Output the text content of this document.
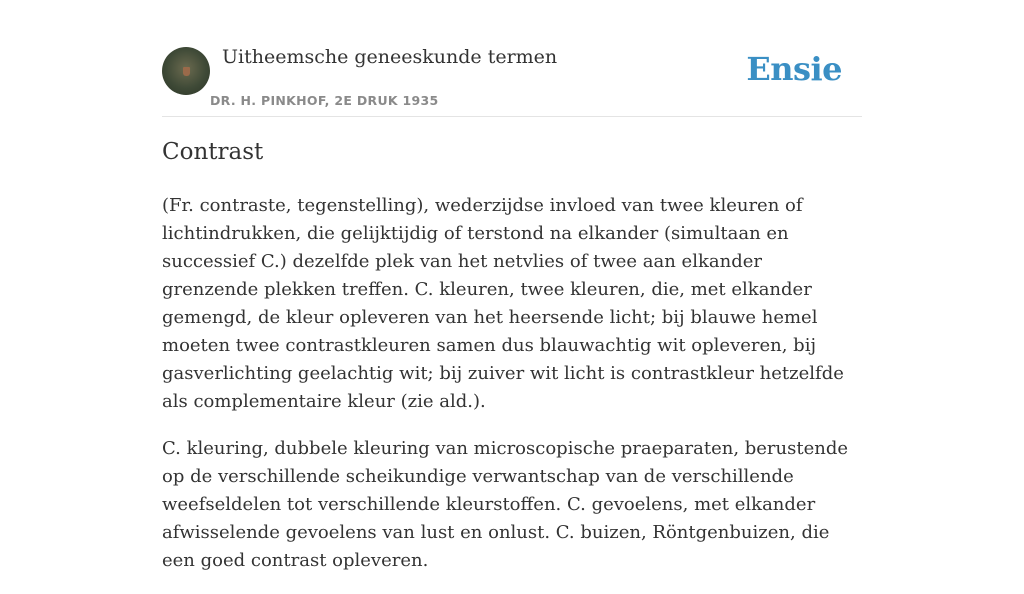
Uitheemsche geneeskunde termen
DR. H. PINKHOF, 2E DRUK 1935
Ensie
Contrast

(Fr. contraste, tegenstelling), wederzijdse invloed van twee kleuren of lichtindrukken, die gelijktijdig of terstond na elkander (simultaan en successief C.) dezelfde plek van het netvlies of twee aan elkander grenzende plekken treffen. C. kleuren, twee kleuren, die, met elkander gemengd, de kleur opleveren van het heersende licht; bij blauwe hemel moeten twee contrastkleuren samen dus blauwachtig wit opleveren, bij gasverlichting geelachtig wit; bij zuiver wit licht is contrastkleur hetzelfde als complementaire kleur (zie ald.).

C. kleuring, dubbele kleuring van microscopische praeparaten, berustende op de verschillende scheikundige verwantschap van de verschillende weefseldelen tot verschillende kleurstoffen. C. gevoelens, met elkander afwisselende gevoelens van lust en onlust. C. buizen, Röntgenbuizen, die een goed contrast opleveren.
